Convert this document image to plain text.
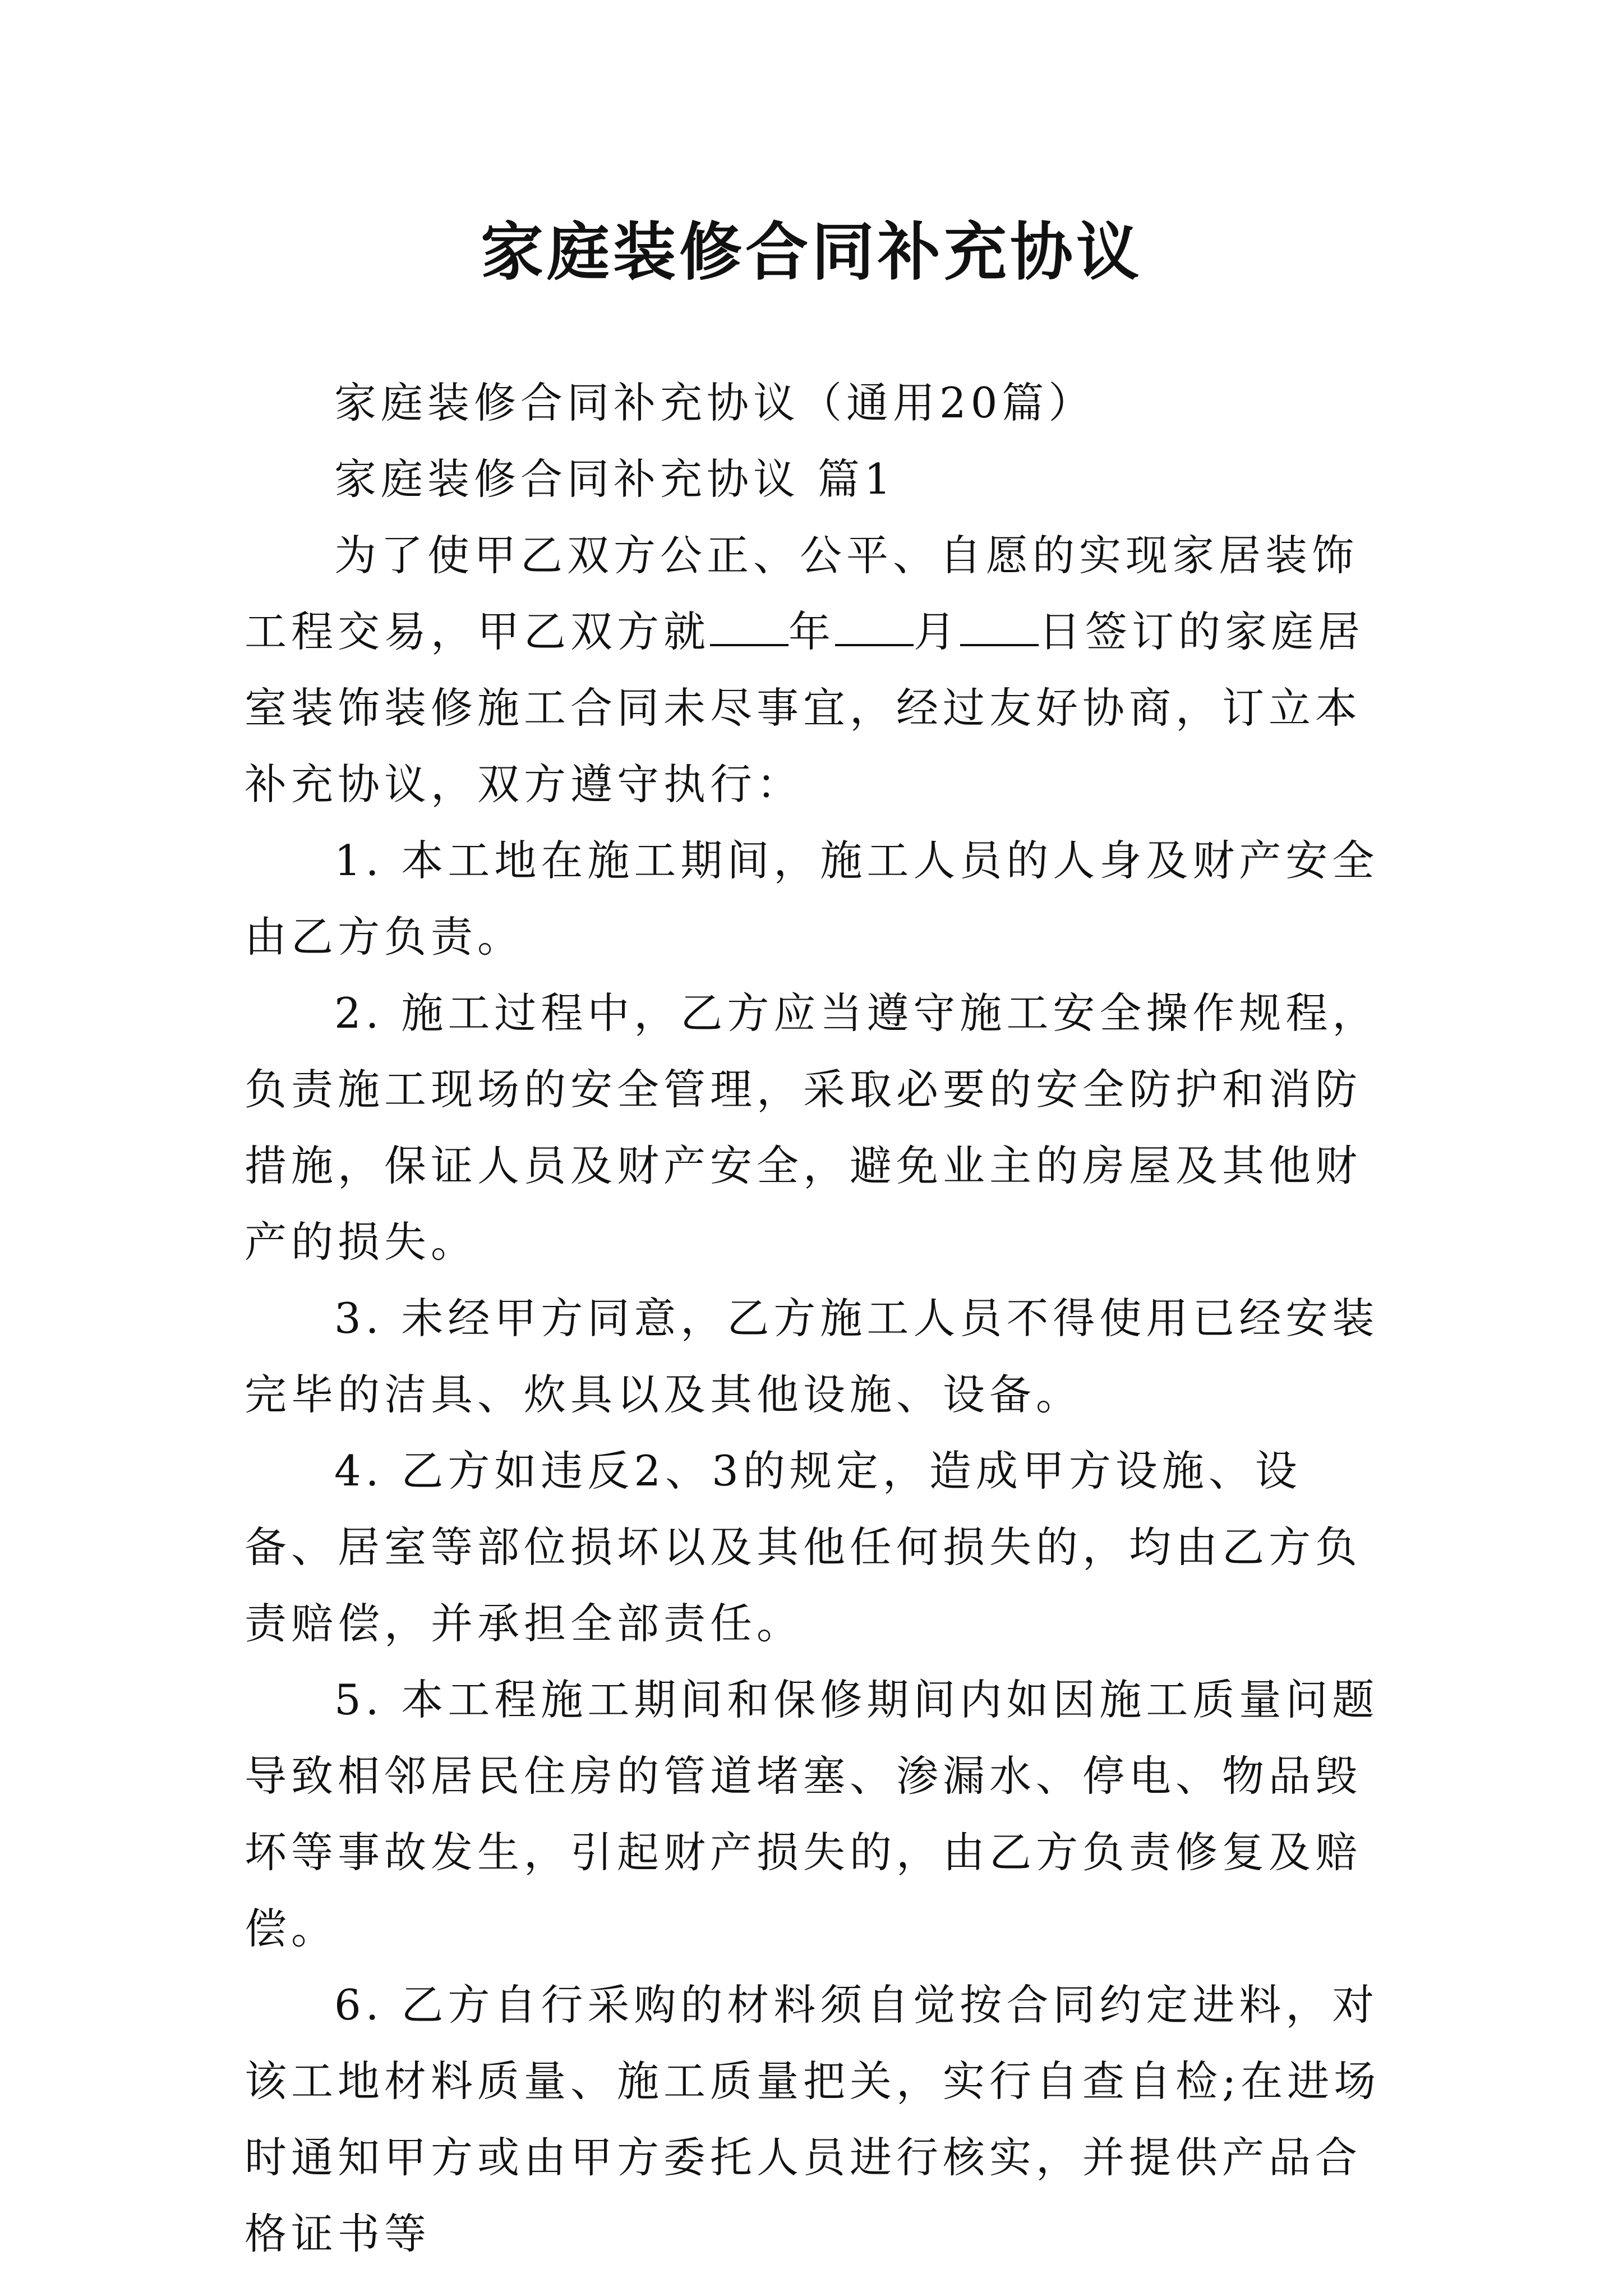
家庭装修合同补充协议

家庭装修合同补充协议（通用20篇）

家庭装修合同补充协议 篇1

为了使甲乙双方公正、公平、自愿的实现家居装饰工程交易，甲乙双方就 年 月 日签订的家庭居室装饰装修施工合同未尽事宜，经过友好协商，订立本补充协议，双方遵守执行：

1. 本工地在施工期间，施工人员的人身及财产安全由乙方负责。

2. 施工过程中，乙方应当遵守施工安全操作规程，负责施工现场的安全管理，采取必要的安全防护和消防措施，保证人员及财产安全，避免业主的房屋及其他财产的损失。

3. 未经甲方同意，乙方施工人员不得使用已经安装完毕的洁具、炊具以及其他设施、设备。

4. 乙方如违反2、3的规定，造成甲方设施、设备、居室等部位损坏以及其他任何损失的，均由乙方负责赔偿，并承担全部责任。

5. 本工程施工期间和保修期间内如因施工质量问题导致相邻居民住房的管道堵塞、渗漏水、停电、物品毁坏等事故发生，引起财产损失的，由乙方负责修复及赔偿。

6. 乙方自行采购的材料须自觉按合同约定进料，对该工地材料质量、施工质量把关，实行自查自检;在进场时通知甲方或由甲方委托人员进行核实，并提供产品合格证书等
